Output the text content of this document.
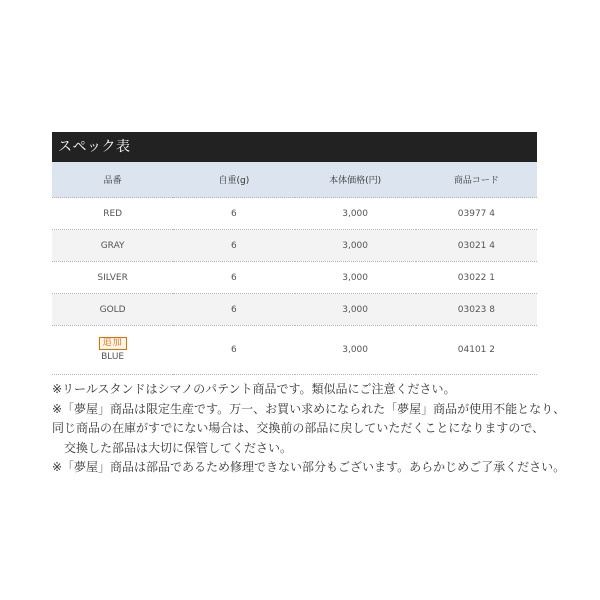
スペック表
品番	自重(g)	本体価格(円)	商品コード
RED	6	3,000	03977 4
GRAY	6	3,000	03021 4
SILVER	6	3,000	03022 1
GOLD	6	3,000	03023 8
追加
BLUE	6	3,000	04101 2

※リールスタンドはシマノのパテント商品です。類似品にご注意ください。

※「夢屋」商品は限定生産です。万一、お買い求めになられた「夢屋」商品が使用不能となり、

同じ商品の在庫がすでにない場合は、交換前の部品に戻していただくことになりますので、

交換した部品は大切に保管してください。

※「夢屋」商品は部品であるため修理できない部分もございます。あらかじめご了承ください。
